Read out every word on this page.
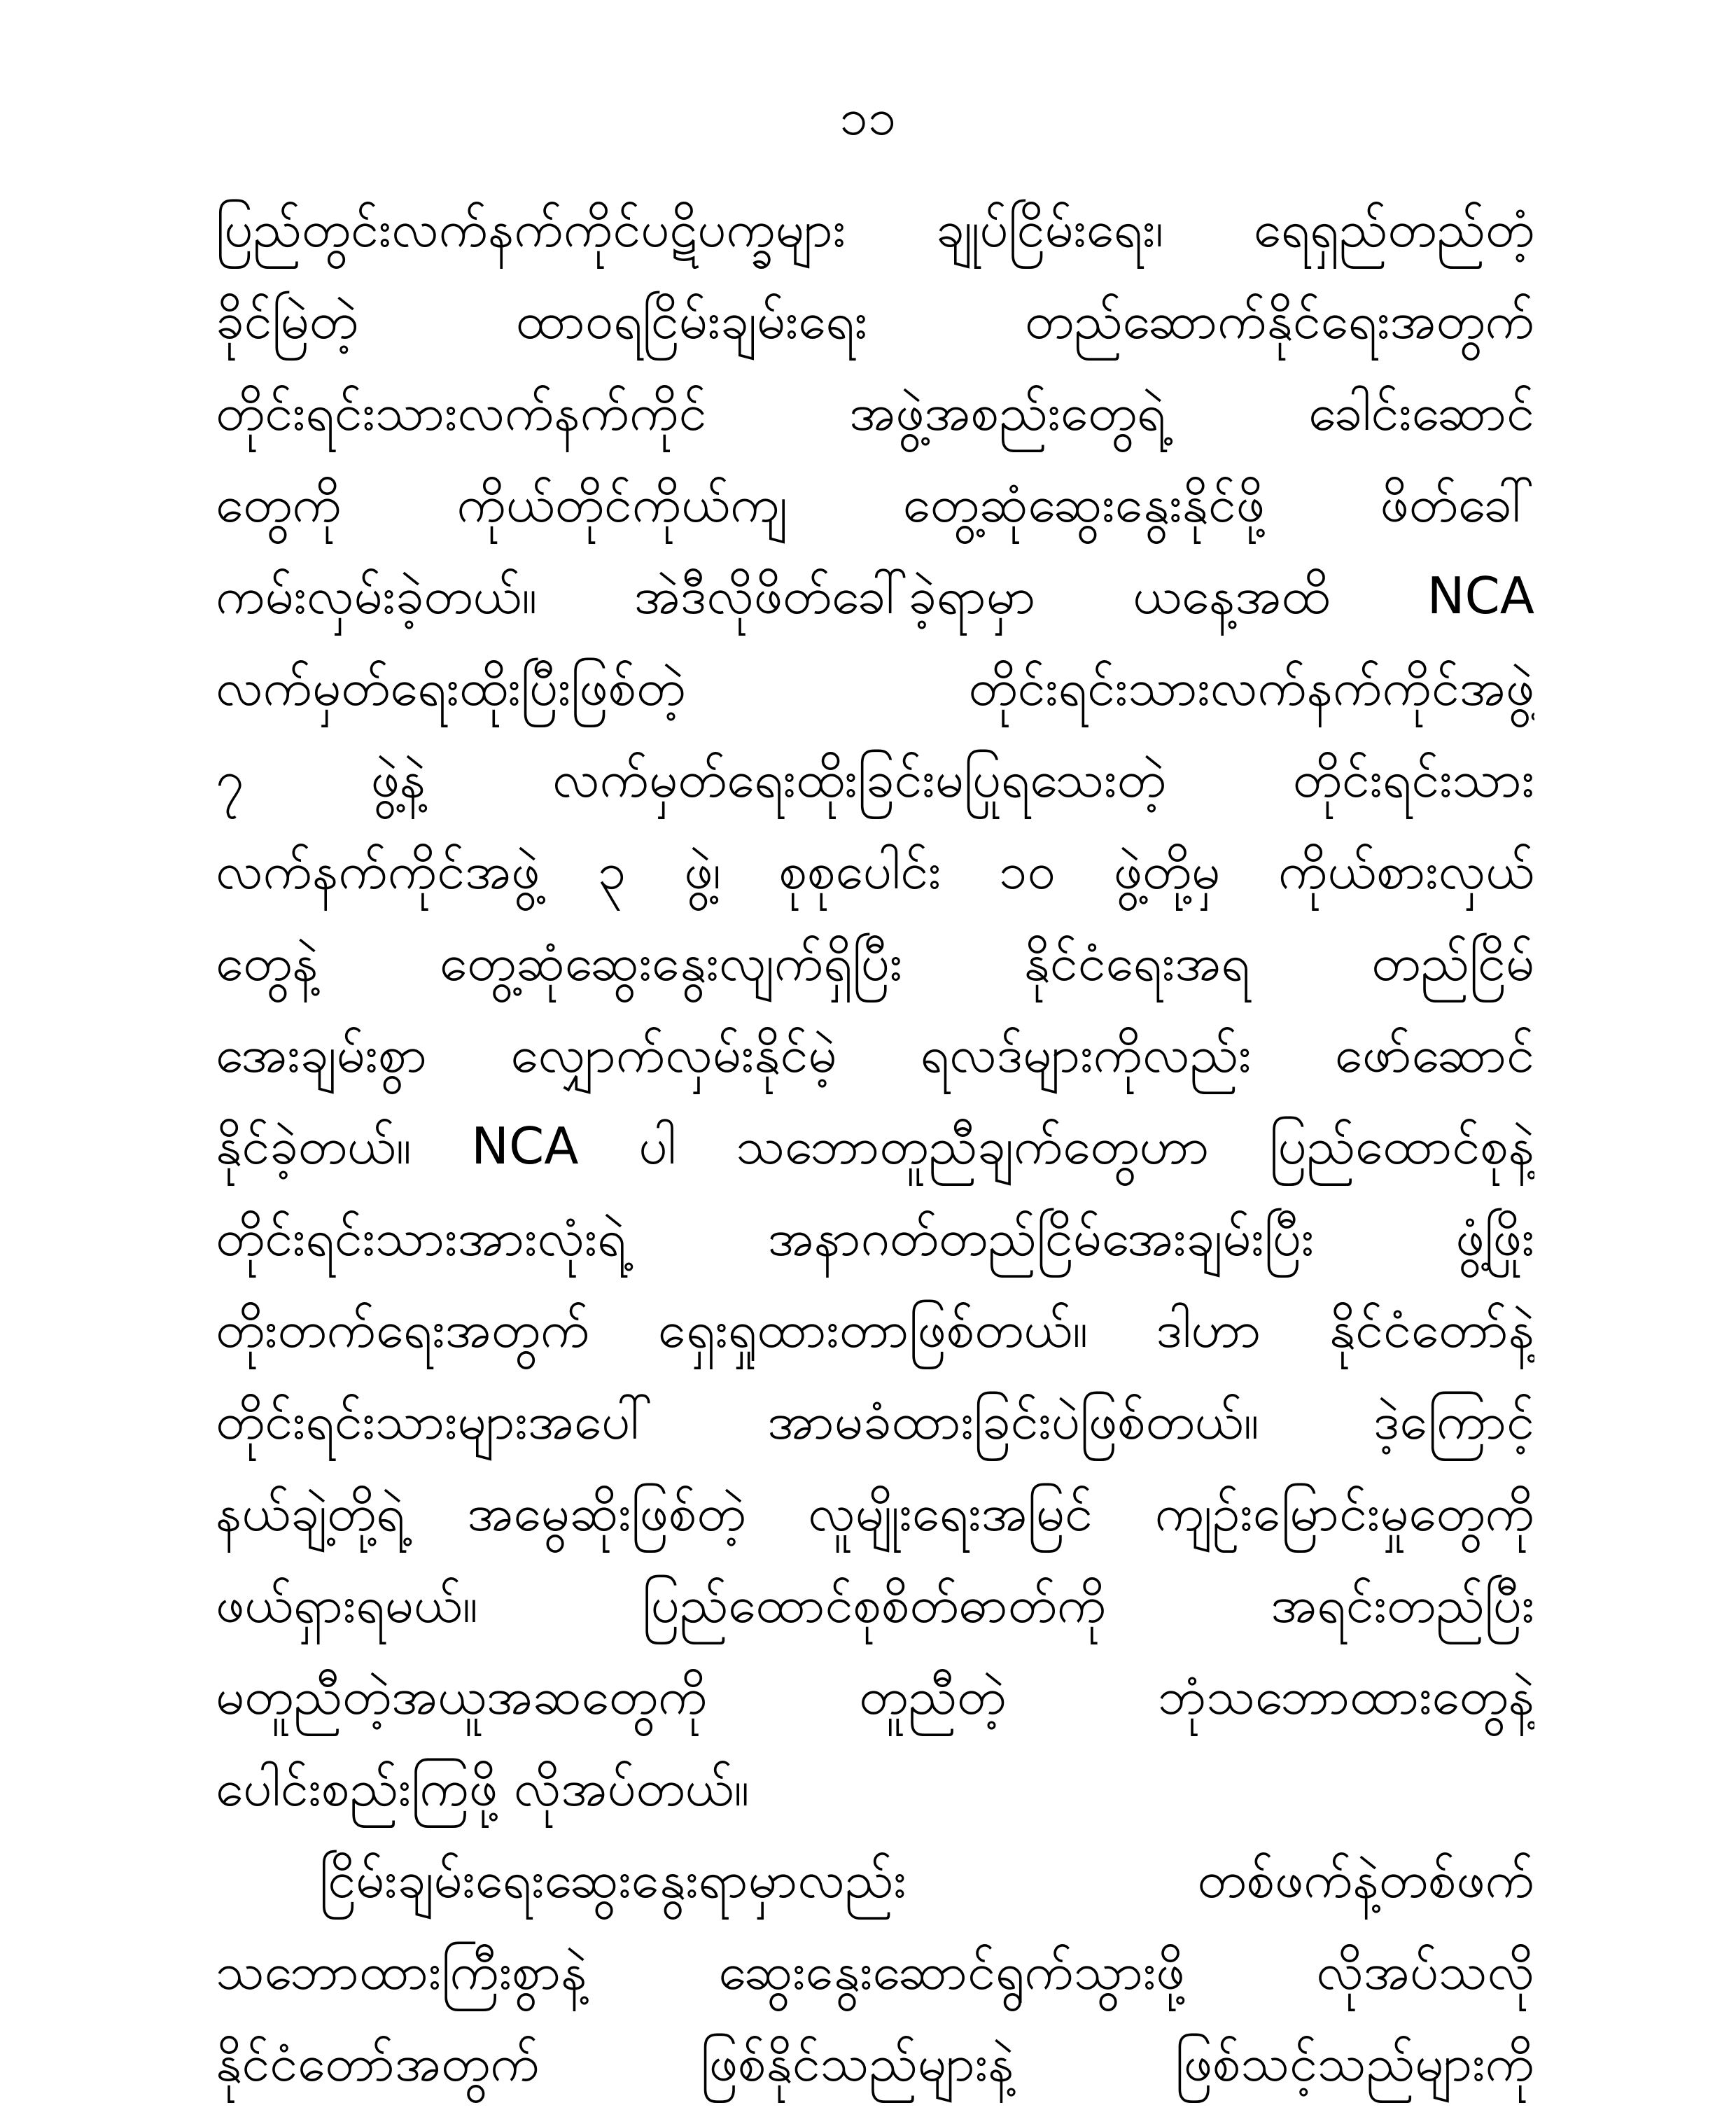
၁၁
ပြည်တွင်းလက်နက်ကိုင်ပဋိပက္ခများ ချုပ်ငြိမ်းရေး၊ ရေရှည်တည်တံ့
ခိုင်မြဲတဲ့ ထာဝရငြိမ်းချမ်းရေး တည်ဆောက်နိုင်ရေးအတွက်
တိုင်းရင်းသားလက်နက်ကိုင် အဖွဲ့အစည်းတွေရဲ့ ခေါင်းဆောင်
တွေကို ကိုယ်တိုင်ကိုယ်ကျ တွေ့ဆုံဆွေးနွေးနိုင်ဖို့ ဖိတ်ခေါ်
ကမ်းလှမ်းခဲ့တယ်။ အဲဒီလိုဖိတ်ခေါ်ခဲ့ရာမှာ ယနေ့အထိ NCA
လက်မှတ်ရေးထိုးပြီးဖြစ်တဲ့ တိုင်းရင်းသားလက်နက်ကိုင်အဖွဲ့
၇ ဖွဲ့နဲ့ လက်မှတ်ရေးထိုးခြင်းမပြုရသေးတဲ့ တိုင်းရင်းသား
လက်နက်ကိုင်အဖွဲ့ ၃ ဖွဲ့၊ စုစုပေါင်း ၁၀ ဖွဲ့တို့မှ ကိုယ်စားလှယ်
တွေနဲ့ တွေ့ဆုံဆွေးနွေးလျက်ရှိပြီး နိုင်ငံရေးအရ တည်ငြိမ်
အေးချမ်းစွာ လျှောက်လှမ်းနိုင်မဲ့ ရလဒ်များကိုလည်း ဖော်ဆောင်
နိုင်ခဲ့တယ်။ NCA ပါ သဘောတူညီချက်တွေဟာ ပြည်ထောင်စုနဲ့
တိုင်းရင်းသားအားလုံးရဲ့ အနာဂတ်တည်ငြိမ်အေးချမ်းပြီး ဖွံ့ဖြိုး
တိုးတက်ရေးအတွက် ရှေးရှုထားတာဖြစ်တယ်။ ဒါဟာ နိုင်ငံတော်နဲ့
တိုင်းရင်းသားများအပေါ် အာမခံထားခြင်းပဲဖြစ်တယ်။ ဒဲ့ကြောင့်
နယ်ချဲ့တို့ရဲ့ အမွေဆိုးဖြစ်တဲ့ လူမျိုးရေးအမြင် ကျဉ်းမြောင်းမှုတွေကို
ဖယ်ရှားရမယ်။ ပြည်ထောင်စုစိတ်ဓာတ်ကို အရင်းတည်ပြီး
မတူညီတဲ့အယူအဆတွေကို တူညီတဲ့ ဘုံသဘောထားတွေနဲ့
ပေါင်းစည်းကြဖို့ လိုအပ်တယ်။
ငြိမ်းချမ်းရေးဆွေးနွေးရာမှာလည်း တစ်ဖက်နဲ့တစ်ဖက်
သဘောထားကြီးစွာနဲ့ ဆွေးနွေးဆောင်ရွက်သွားဖို့ လိုအပ်သလို
နိုင်ငံတော်အတွက် ဖြစ်နိုင်သည်များနဲ့ ဖြစ်သင့်သည်များကို
